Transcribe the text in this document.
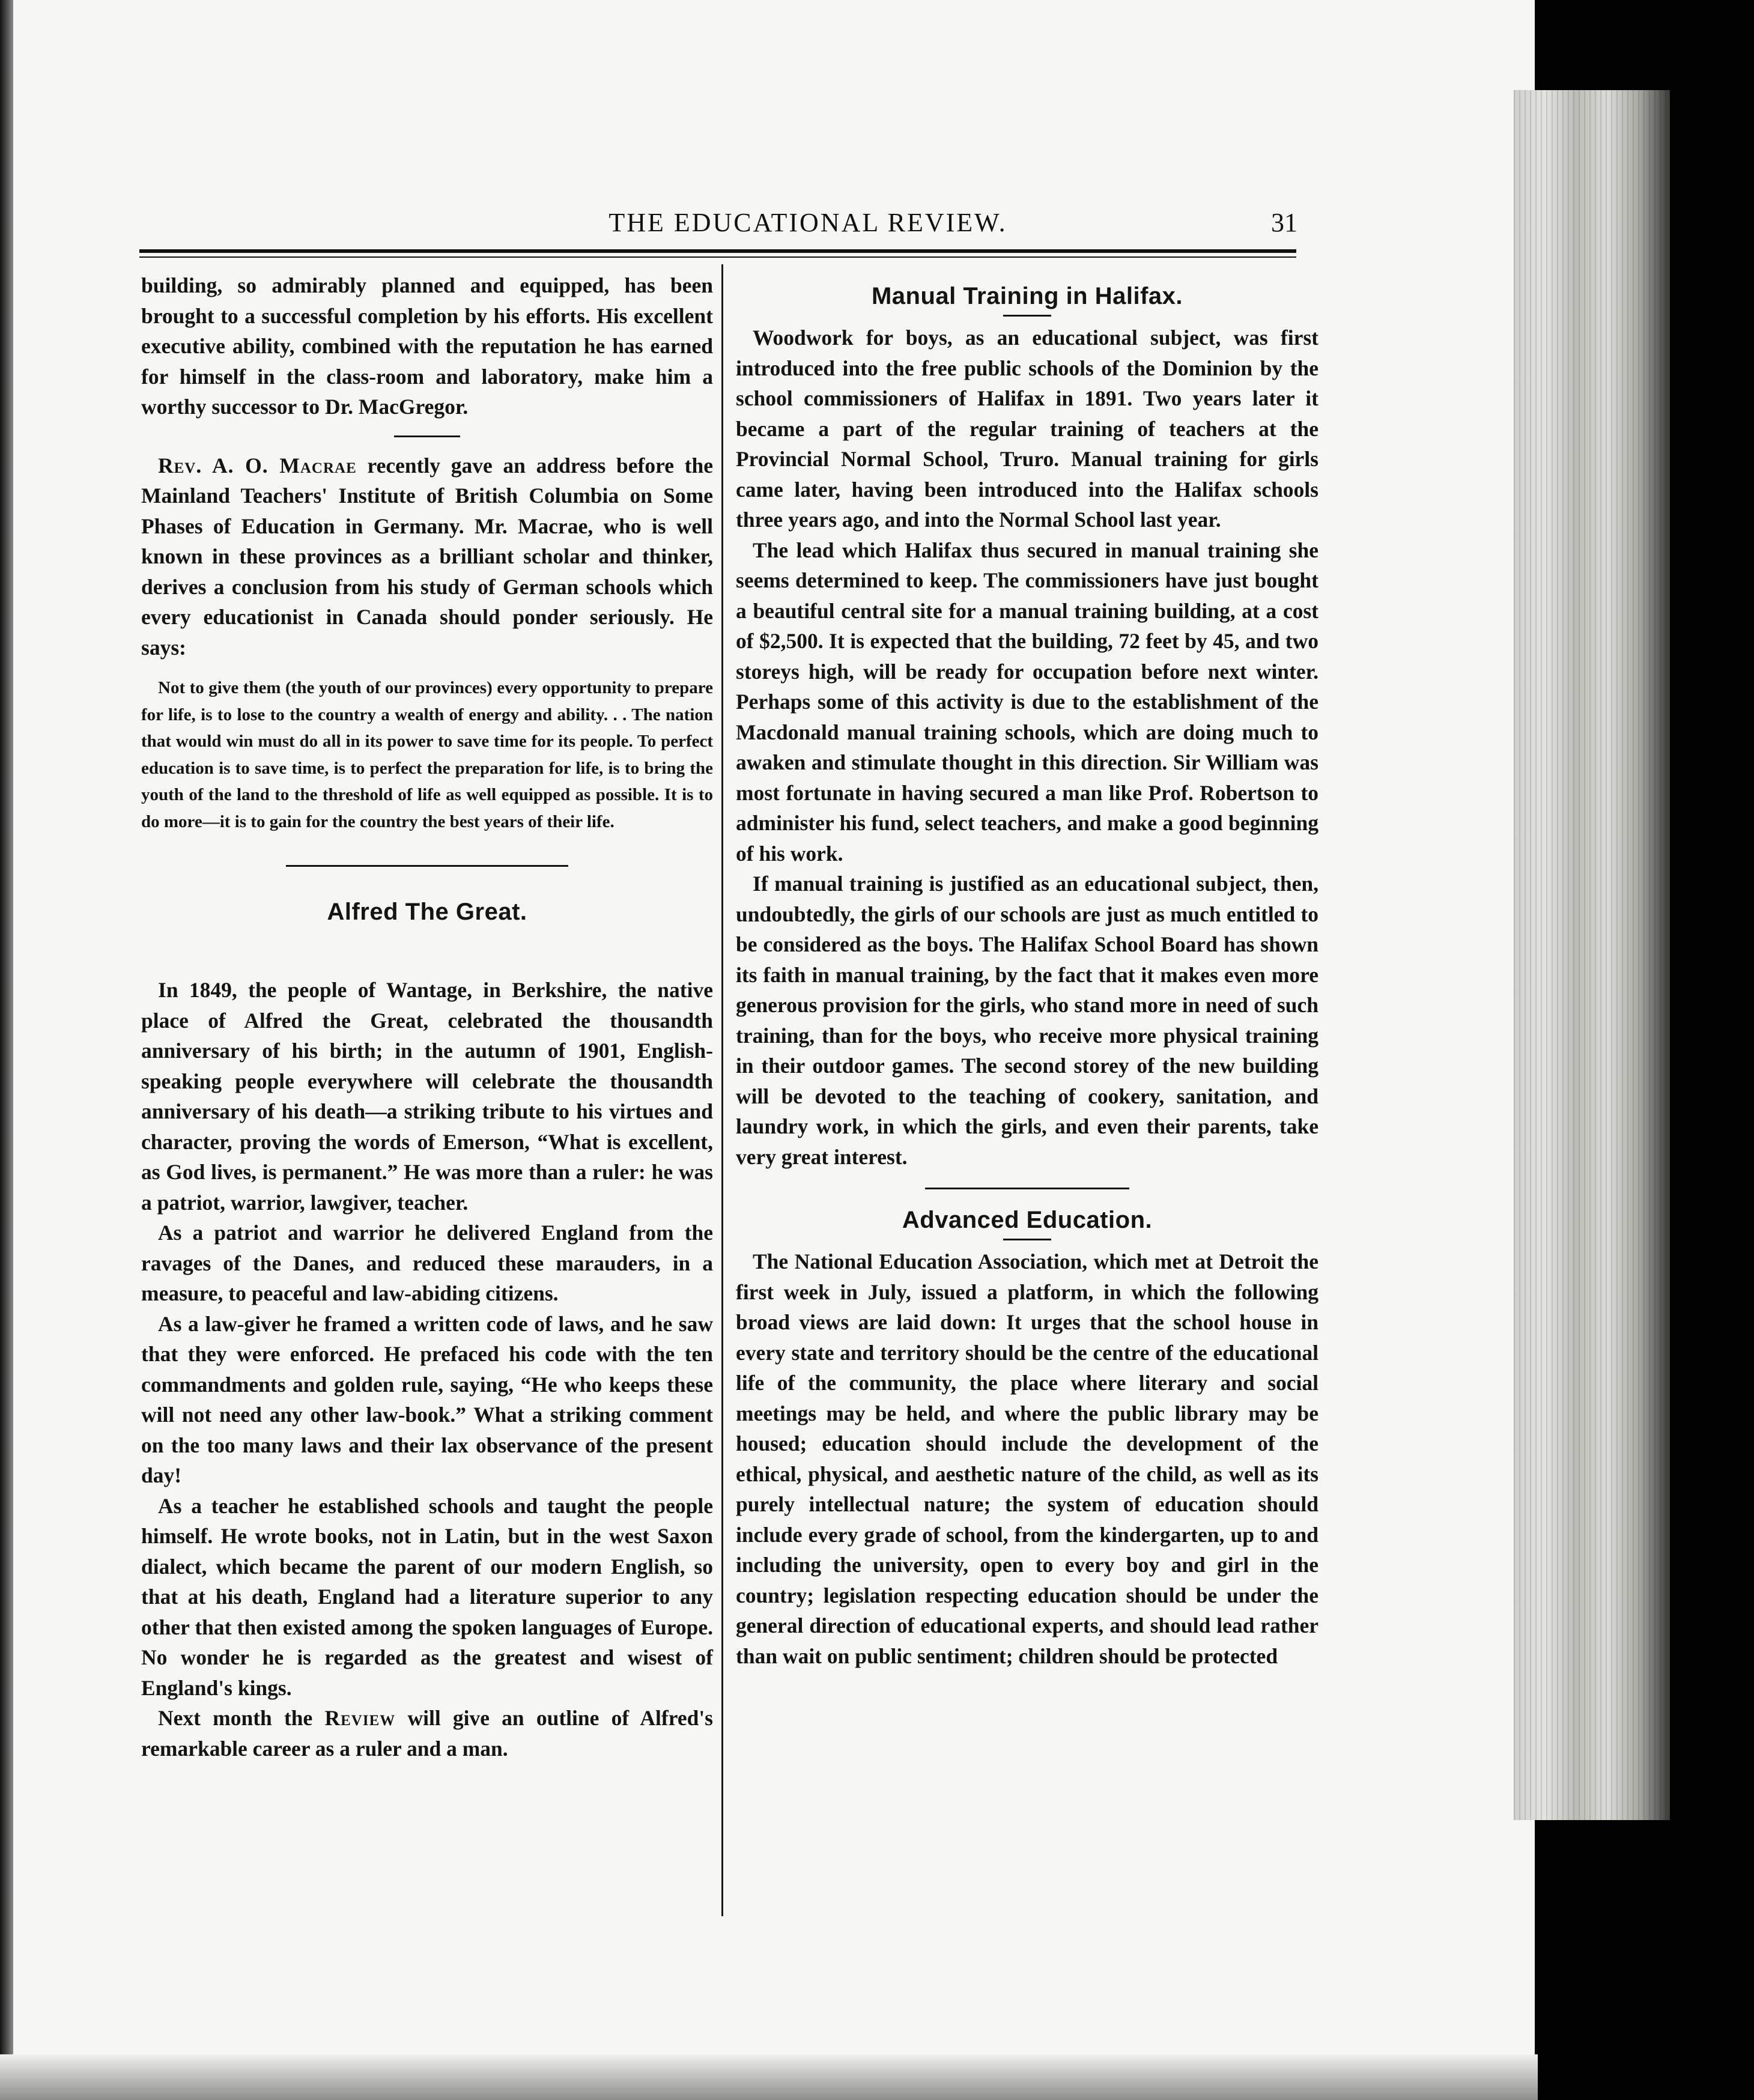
THE EDUCATIONAL REVIEW.	31

building, so admirably planned and equipped, has been brought to a successful completion by his efforts. His excellent executive ability, combined with the reputation he has earned for himself in the class-room and laboratory, make him a worthy successor to Dr. MacGregor.

Rev. A. O. Macrae recently gave an address before the Mainland Teachers' Institute of British Columbia on Some Phases of Education in Germany. Mr. Macrae, who is well known in these provinces as a brilliant scholar and thinker, derives a conclusion from his study of German schools which every educationist in Canada should ponder seriously. He says:

Not to give them (the youth of our provinces) every opportunity to prepare for life, is to lose to the country a wealth of energy and ability. . . The nation that would win must do all in its power to save time for its people. To perfect education is to save time, is to perfect the preparation for life, is to bring the youth of the land to the threshold of life as well equipped as possible. It is to do more—it is to gain for the country the best years of their life.

Alfred The Great.

In 1849, the people of Wantage, in Berkshire, the native place of Alfred the Great, celebrated the thousandth anniversary of his birth; in the autumn of 1901, English-speaking people everywhere will celebrate the thousandth anniversary of his death—a striking tribute to his virtues and character, proving the words of Emerson, “What is excellent, as God lives, is permanent.” He was more than a ruler: he was a patriot, warrior, lawgiver, teacher.

As a patriot and warrior he delivered England from the ravages of the Danes, and reduced these marauders, in a measure, to peaceful and law-abiding citizens.

As a law-giver he framed a written code of laws, and he saw that they were enforced. He prefaced his code with the ten commandments and golden rule, saying, “He who keeps these will not need any other law-book.” What a striking comment on the too many laws and their lax observance of the present day!

As a teacher he established schools and taught the people himself. He wrote books, not in Latin, but in the west Saxon dialect, which became the parent of our modern English, so that at his death, England had a literature superior to any other that then existed among the spoken languages of Europe. No wonder he is regarded as the greatest and wisest of England's kings.

Next month the Review will give an outline of Alfred's remarkable career as a ruler and a man.

Manual Training in Halifax.

Woodwork for boys, as an educational subject, was first introduced into the free public schools of the Dominion by the school commissioners of Halifax in 1891. Two years later it became a part of the regular training of teachers at the Provincial Normal School, Truro. Manual training for girls came later, having been introduced into the Halifax schools three years ago, and into the Normal School last year.

The lead which Halifax thus secured in manual training she seems determined to keep. The commissioners have just bought a beautiful central site for a manual training building, at a cost of $2,500. It is expected that the building, 72 feet by 45, and two storeys high, will be ready for occupation before next winter. Perhaps some of this activity is due to the establishment of the Macdonald manual training schools, which are doing much to awaken and stimulate thought in this direction. Sir William was most fortunate in having secured a man like Prof. Robertson to administer his fund, select teachers, and make a good beginning of his work.

If manual training is justified as an educational subject, then, undoubtedly, the girls of our schools are just as much entitled to be considered as the boys. The Halifax School Board has shown its faith in manual training, by the fact that it makes even more generous provision for the girls, who stand more in need of such training, than for the boys, who receive more physical training in their outdoor games. The second storey of the new building will be devoted to the teaching of cookery, sanitation, and laundry work, in which the girls, and even their parents, take very great interest.

Advanced Education.

The National Education Association, which met at Detroit the first week in July, issued a platform, in which the following broad views are laid down: It urges that the school house in every state and territory should be the centre of the educational life of the community, the place where literary and social meetings may be held, and where the public library may be housed; education should include the development of the ethical, physical, and aesthetic nature of the child, as well as its purely intellectual nature; the system of education should include every grade of school, from the kindergarten, up to and including the university, open to every boy and girl in the country; legislation respecting education should be under the general direction of educational experts, and should lead rather than wait on public sentiment; children should be protected
